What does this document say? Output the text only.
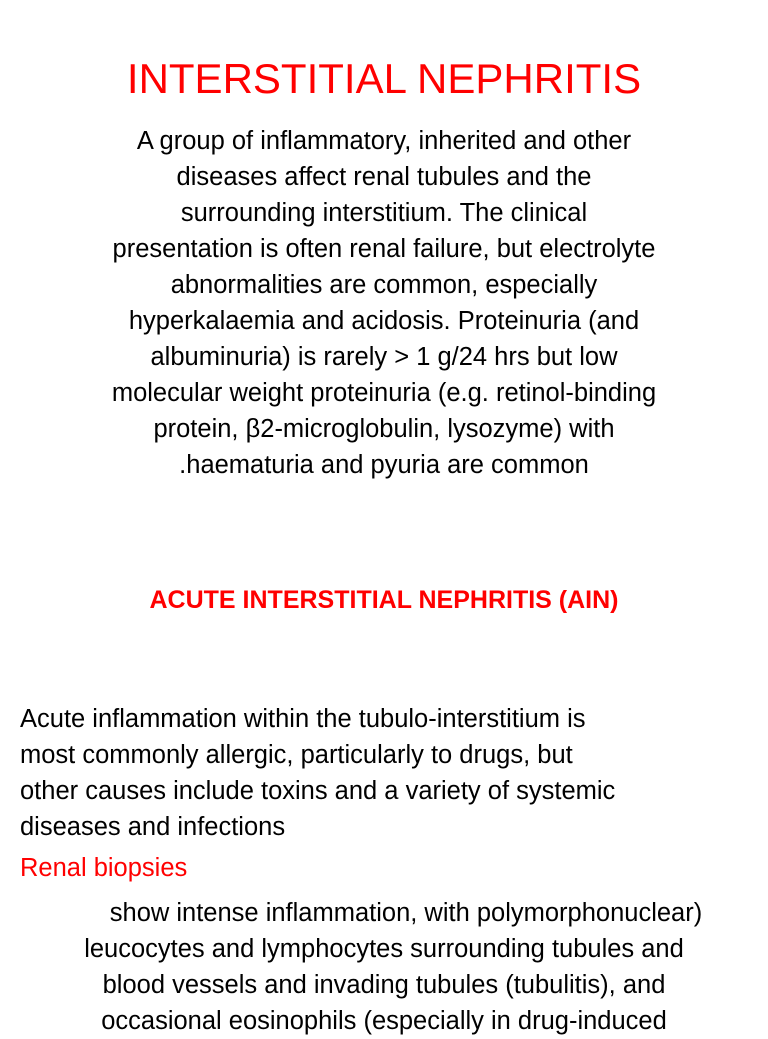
INTERSTITIAL NEPHRITIS
A group of inflammatory, inherited and other
diseases affect renal tubules and the
surrounding interstitium. The clinical
presentation is often renal failure, but electrolyte
abnormalities are common, especially
hyperkalaemia and acidosis. Proteinuria (and
albuminuria) is rarely > 1 g/24 hrs but low
molecular weight proteinuria (e.g. retinol-binding
protein, β2-microglobulin, lysozyme) with
.haematuria and pyuria are common
ACUTE INTERSTITIAL NEPHRITIS (AIN)
Acute inflammation within the tubulo-interstitium is
most commonly allergic, particularly to drugs, but
other causes include toxins and a variety of systemic
diseases and infections
Renal biopsies
show intense inflammation, with polymorphonuclear)
leucocytes and lymphocytes surrounding tubules and
blood vessels and invading tubules (tubulitis), and
occasional eosinophils (especially in drug-induced
